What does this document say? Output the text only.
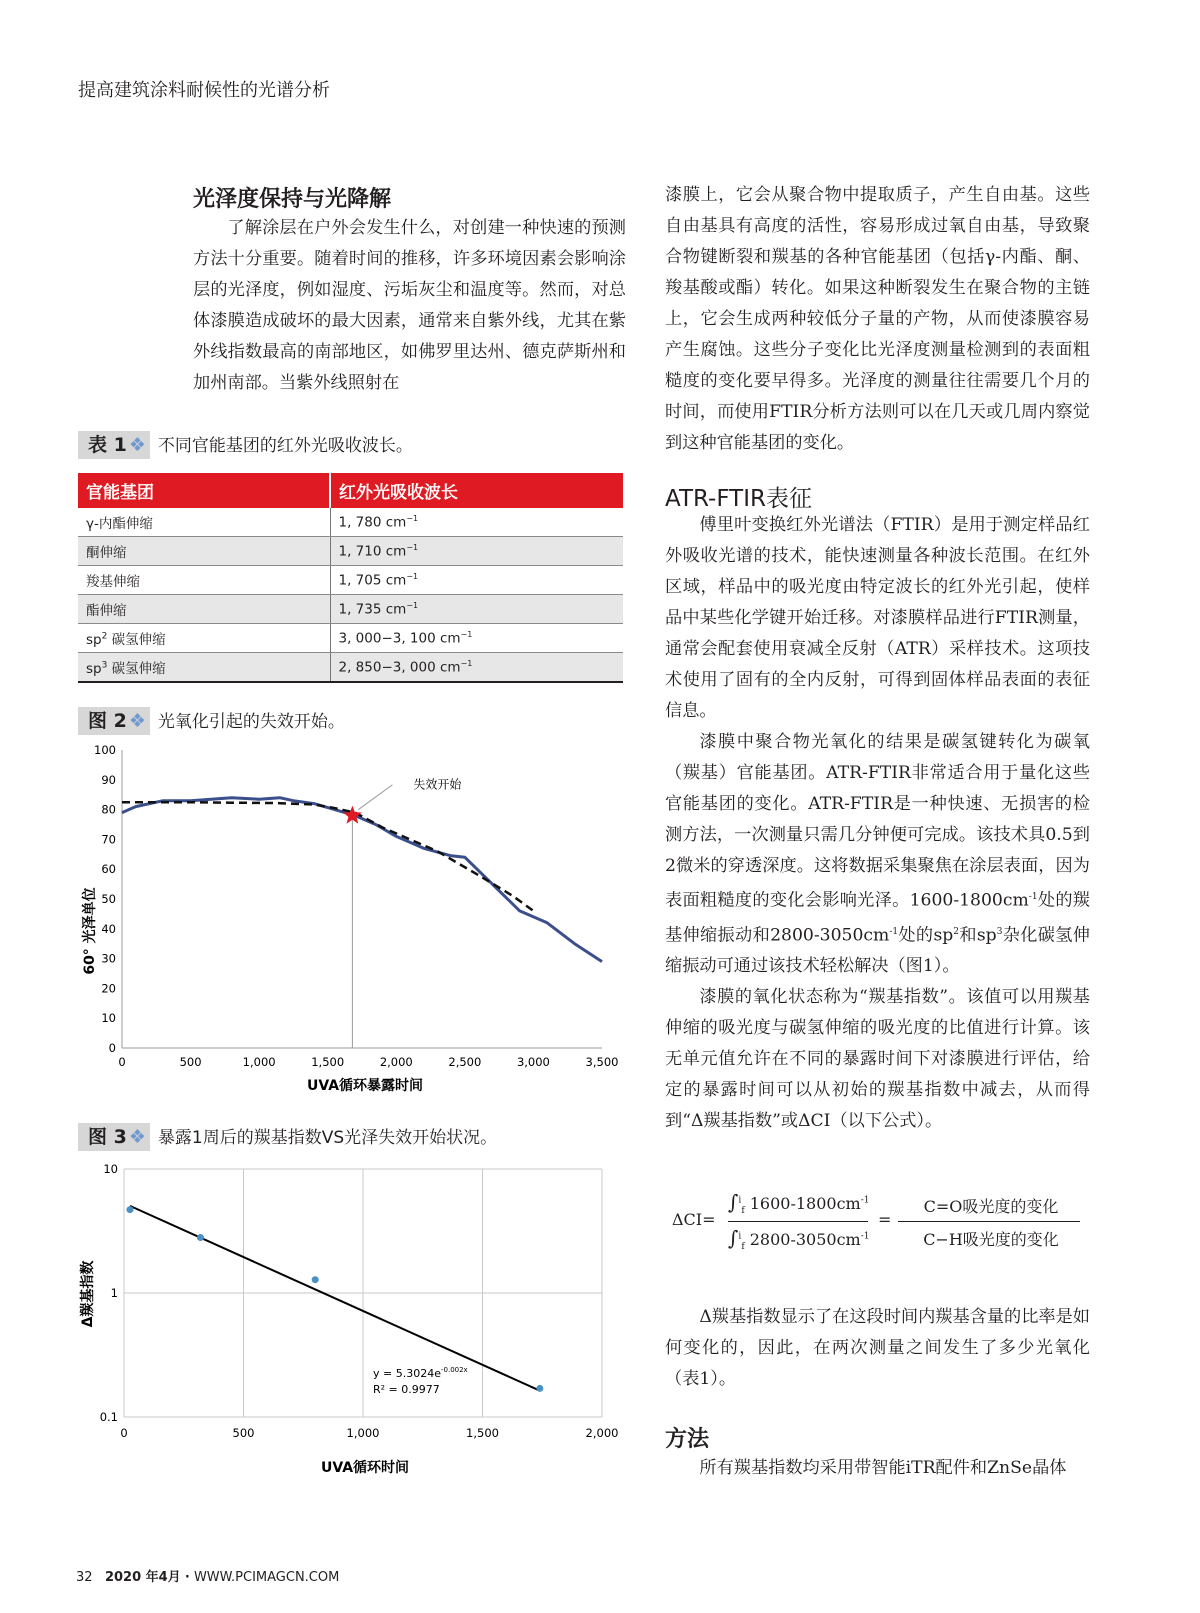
提高建筑涂料耐候性的光谱分析
光泽度保持与光降解

了解涂层在户外会发生什么，对创建一种快速的预测方法十分重要。随着时间的推移，许多环境因素会影响涂层的光泽度，例如湿度、污垢灰尘和温度等。然而，对总体漆膜造成破坏的最大因素，通常来自紫外线，尤其在紫外线指数最高的南部地区，如佛罗里达州、德克萨斯州和加州南部。当紫外线照射在

表 1 ❖ 不同官能基团的红外光吸收波长。
官能基团	红外光吸收波长
γ-内酯伸缩	1, 780 $cm^{-1}$
酮伸缩	1, 710 $cm^{-1}$
羧基伸缩	1, 705 $cm^{-1}$
酯伸缩	1, 735 $cm^{-1}$
$sp^2$ 碳氢伸缩	3, 000−3, 100 $cm^{-1}$
$sp^3$ 碳氢伸缩	2, 850−3, 000 $cm^{-1}$
图 2 ❖ 光氧化引起的失效开始。
0
10
20
30
40
50
60
70
80
90
100
0	500	1,000	1,500	2,000	2,500	3,000	3,500
失效开始
UVA循环暴露时间
60° 光泽单位
图 3 ❖ 暴露1周后的羰基指数VS光泽失效开始状况。
0.1
1
10
0	500	1,000	1,500	2,000
$y = 5.3024e^{-0.002x}$
R² = 0.9977
UVA循环时间
Δ羰基指数

漆膜上，它会从聚合物中提取质子，产生自由基。这些自由基具有高度的活性，容易形成过氧自由基，导致聚合物键断裂和羰基的各种官能基团（包括γ-内酯、酮、羧基酸或酯）转化。如果这种断裂发生在聚合物的主链上，它会生成两种较低分子量的产物，从而使漆膜容易产生腐蚀。这些分子变化比光泽度测量检测到的表面粗糙度的变化要早得多。光泽度的测量往往需要几个月的时间，而使用FTIR分析方法则可以在几天或几周内察觉到这种官能基团的变化。

ATR-FTIR表征

傅里叶变换红外光谱法（FTIR）是用于测定样品红外吸收光谱的技术，能快速测量各种波长范围。在红外区域，样品中的吸光度由特定波长的红外光引起，使样品中某些化学键开始迁移。对漆膜样品进行FTIR测量，通常会配套使用衰减全反射（ATR）采样技术。这项技术使用了固有的全内反射，可得到固体样品表面的表征信息。

漆膜中聚合物光氧化的结果是碳氢键转化为碳氧（羰基）官能基团。ATR-FTIR非常适合用于量化这些官能基团的变化。ATR-FTIR是一种快速、无损害的检测方法，一次测量只需几分钟便可完成。该技术具0.5到2微米的穿透深度。这将数据采集聚焦在涂层表面，因为表面粗糙度的变化会影响光泽。$1600-1800cm^{-1}$处的羰基伸缩振动和$2800-3050cm^{-1}$处的$sp^2$和$sp^3$杂化碳氢伸缩振动可通过该技术轻松解决（图1）。

漆膜的氧化状态称为“羰基指数”。该值可以用羰基伸缩的吸光度与碳氢伸缩的吸光度的比值进行计算。该无单元值允许在不同的暴露时间下对漆膜进行评估，给定的暴露时间可以从初始的羰基指数中减去，从而得到“Δ羰基指数”或ΔCI（以下公式）。

ΔCI=
∫$^i_f$ $1600-1800cm^{-1}$
∫$^i_f$ $2800-3050cm^{-1}$
=
C=O吸光度的变化
C−H吸光度的变化

Δ羰基指数显示了在这段时间内羰基含量的比率是如何变化的，因此，在两次测量之间发生了多少光氧化（表1）。

方法

所有羰基指数均采用带智能iTR配件和ZnSe晶体

32 2020 年4月 · WWW.PCIMAGCN.COM
